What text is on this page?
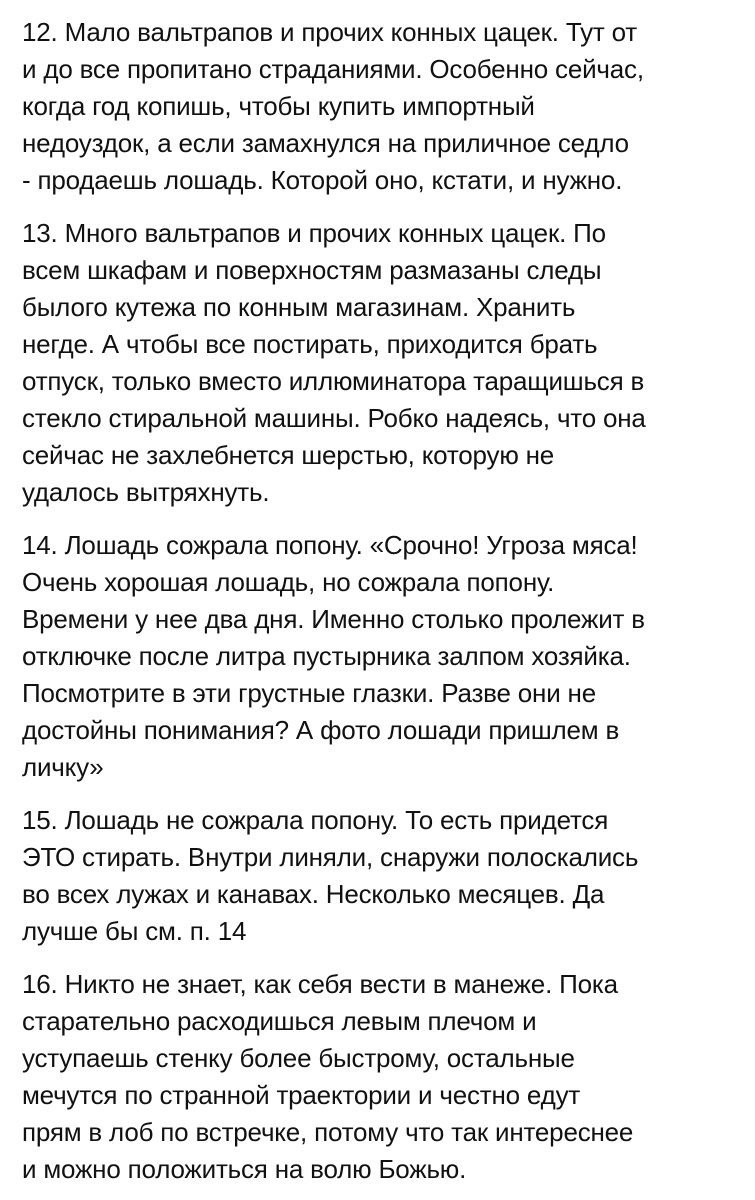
12. Мало вальтрапов и прочих конных цацек. Тут от
и до все пропитано страданиями. Особенно сейчас,
когда год копишь, чтобы купить импортный
недоуздок, а если замахнулся на приличное седло
- продаешь лошадь. Которой оно, кстати, и нужно.

13. Много вальтрапов и прочих конных цацек. По
всем шкафам и поверхностям размазаны следы
былого кутежа по конным магазинам. Хранить
негде. А чтобы все постирать, приходится брать
отпуск, только вместо иллюминатора таращишься в
стекло стиральной машины. Робко надеясь, что она
сейчас не захлебнется шерстью, которую не
удалось вытряхнуть.

14. Лошадь сожрала попону. «Срочно! Угроза мяса!
Очень хорошая лошадь, но сожрала попону.
Времени у нее два дня. Именно столько пролежит в
отключке после литра пустырника залпом хозяйка.
Посмотрите в эти грустные глазки. Разве они не
достойны понимания? А фото лошади пришлем в
личку»

15. Лошадь не сожрала попону. То есть придется
ЭТО стирать. Внутри линяли, снаружи полоскались
во всех лужах и канавах. Несколько месяцев. Да
лучше бы см. п. 14

16. Никто не знает, как себя вести в манеже. Пока
старательно расходишься левым плечом и
уступаешь стенку более быстрому, остальные
мечутся по странной траектории и честно едут
прям в лоб по встречке, потому что так интереснее
и можно положиться на волю Божью.
